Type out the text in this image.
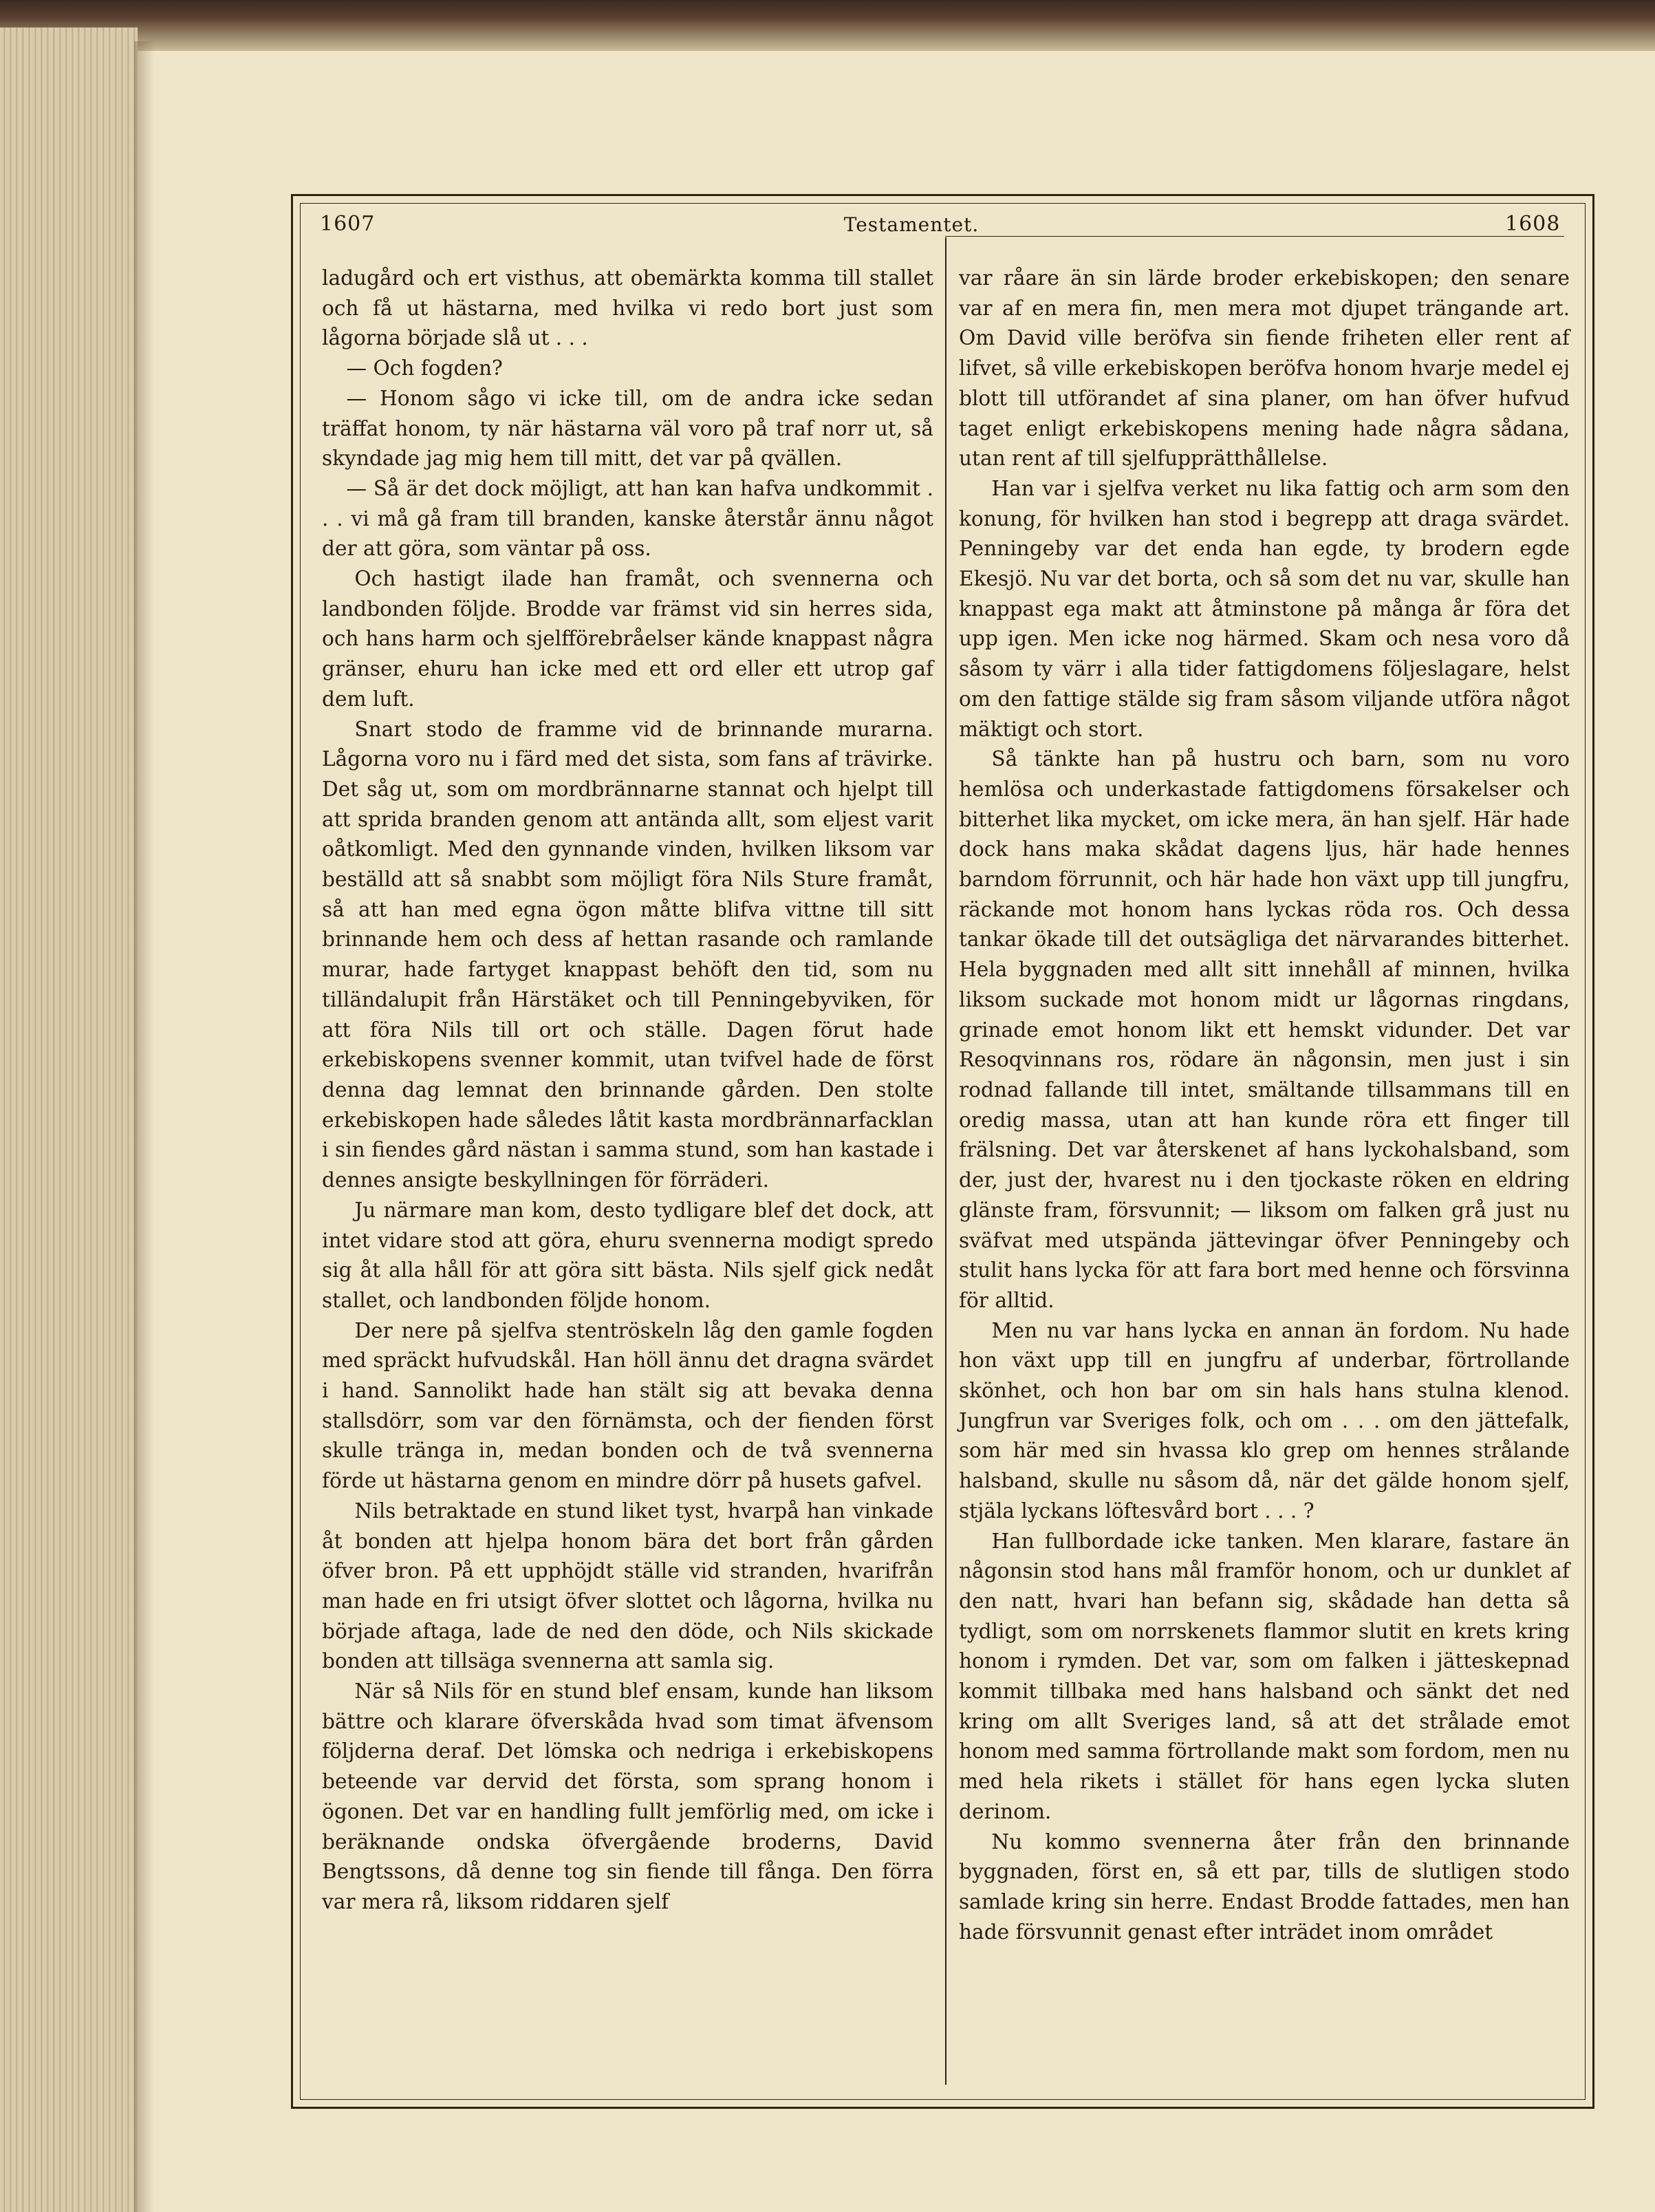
1607	Testamentet.	1608

ladugård och ert visthus, att obemärkta komma till stallet och få ut hästarna, med hvilka vi redo bort just som lågorna började slå ut . . .

— Och fogden?

— Honom sågo vi icke till, om de andra icke sedan träffat honom, ty när hästarna väl voro på traf norr ut, så skyndade jag mig hem till mitt, det var på qvällen.

— Så är det dock möjligt, att han kan hafva undkommit . . . vi må gå fram till branden, kanske återstår ännu något der att göra, som väntar på oss.

Och hastigt ilade han framåt, och svennerna och landbonden följde. Brodde var främst vid sin herres sida, och hans harm och sjelfförebråelser kände knappast några gränser, ehuru han icke med ett ord eller ett utrop gaf dem luft.

Snart stodo de framme vid de brinnande murarna. Lågorna voro nu i färd med det sista, som fans af trävirke. Det såg ut, som om mordbrännarne stannat och hjelpt till att sprida branden genom att antända allt, som eljest varit oåtkomligt. Med den gynnande vinden, hvilken liksom var beställd att så snabbt som möjligt föra Nils Sture framåt, så att han med egna ögon måtte blifva vittne till sitt brinnande hem och dess af hettan rasande och ramlande murar, hade fartyget knappast behöft den tid, som nu tilländalupit från Härstäket och till Penningebyviken, för att föra Nils till ort och ställe. Dagen förut hade erkebiskopens svenner kommit, utan tvifvel hade de först denna dag lemnat den brinnande gården. Den stolte erkebiskopen hade således låtit kasta mordbrännarfacklan i sin fiendes gård nästan i samma stund, som han kastade i dennes ansigte beskyllningen för förräderi.

Ju närmare man kom, desto tydligare blef det dock, att intet vidare stod att göra, ehuru svennerna modigt spredo sig åt alla håll för att göra sitt bästa. Nils sjelf gick nedåt stallet, och landbonden följde honom.

Der nere på sjelfva stentröskeln låg den gamle fogden med spräckt hufvudskål. Han höll ännu det dragna svärdet i hand. Sannolikt hade han stält sig att bevaka denna stallsdörr, som var den förnämsta, och der fienden först skulle tränga in, medan bonden och de två svennerna förde ut hästarna genom en mindre dörr på husets gafvel.

Nils betraktade en stund liket tyst, hvarpå han vinkade åt bonden att hjelpa honom bära det bort från gården öfver bron. På ett upphöjdt ställe vid stranden, hvarifrån man hade en fri utsigt öfver slottet och lågorna, hvilka nu började aftaga, lade de ned den döde, och Nils skickade bonden att tillsäga svennerna att samla sig.

När så Nils för en stund blef ensam, kunde han liksom bättre och klarare öfverskåda hvad som timat äfvensom följderna deraf. Det lömska och nedriga i erkebiskopens beteende var dervid det första, som sprang honom i ögonen. Det var en handling fullt jemförlig med, om icke i beräknande ondska öfvergående broderns, David Bengtssons, då denne tog sin fiende till fånga. Den förra var mera rå, liksom riddaren sjelf

var råare än sin lärde broder erkebiskopen; den senare var af en mera fin, men mera mot djupet trängande art. Om David ville beröfva sin fiende friheten eller rent af lifvet, så ville erkebiskopen beröfva honom hvarje medel ej blott till utförandet af sina planer, om han öfver hufvud taget enligt erkebiskopens mening hade några sådana, utan rent af till sjelfupprätthållelse.

Han var i sjelfva verket nu lika fattig och arm som den konung, för hvilken han stod i begrepp att draga svärdet. Penningeby var det enda han egde, ty brodern egde Ekesjö. Nu var det borta, och så som det nu var, skulle han knappast ega makt att åtminstone på många år föra det upp igen. Men icke nog härmed. Skam och nesa voro då såsom ty värr i alla tider fattigdomens följeslagare, helst om den fattige stälde sig fram såsom viljande utföra något mäktigt och stort.

Så tänkte han på hustru och barn, som nu voro hemlösa och underkastade fattigdomens försakelser och bitterhet lika mycket, om icke mera, än han sjelf. Här hade dock hans maka skådat dagens ljus, här hade hennes barndom förrunnit, och här hade hon växt upp till jungfru, räckande mot honom hans lyckas röda ros. Och dessa tankar ökade till det outsägliga det närvarandes bitterhet. Hela byggnaden med allt sitt innehåll af minnen, hvilka liksom suckade mot honom midt ur lågornas ringdans, grinade emot honom likt ett hemskt vidunder. Det var Resoqvinnans ros, rödare än någonsin, men just i sin rodnad fallande till intet, smältande tillsammans till en oredig massa, utan att han kunde röra ett finger till frälsning. Det var återskenet af hans lyckohalsband, som der, just der, hvarest nu i den tjockaste röken en eldring glänste fram, försvunnit; — liksom om falken grå just nu sväfvat med utspända jättevingar öfver Penningeby och stulit hans lycka för att fara bort med henne och försvinna för alltid.

Men nu var hans lycka en annan än fordom. Nu hade hon växt upp till en jungfru af underbar, förtrollande skönhet, och hon bar om sin hals hans stulna klenod. Jungfrun var Sveriges folk, och om . . . om den jättefalk, som här med sin hvassa klo grep om hennes strålande halsband, skulle nu såsom då, när det gälde honom sjelf, stjäla lyckans löftesvård bort . . . ?

Han fullbordade icke tanken. Men klarare, fastare än någonsin stod hans mål framför honom, och ur dunklet af den natt, hvari han befann sig, skådade han detta så tydligt, som om norrskenets flammor slutit en krets kring honom i rymden. Det var, som om falken i jätteskepnad kommit tillbaka med hans halsband och sänkt det ned kring om allt Sveriges land, så att det strålade emot honom med samma förtrollande makt som fordom, men nu med hela rikets i stället för hans egen lycka sluten derinom.

Nu kommo svennerna åter från den brinnande byggnaden, först en, så ett par, tills de slutligen stodo samlade kring sin herre. Endast Brodde fattades, men han hade försvunnit genast efter inträdet inom området
